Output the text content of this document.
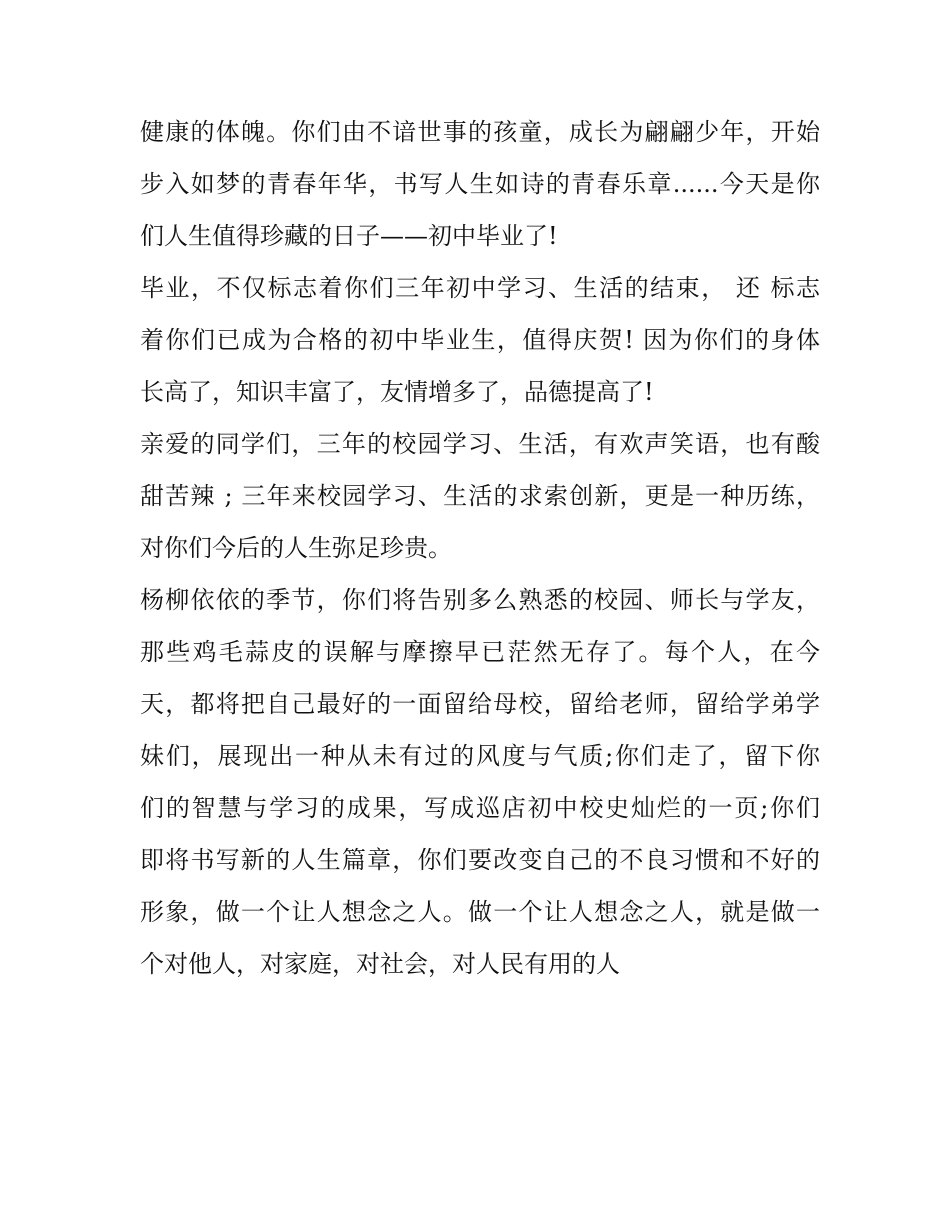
健康的体魄。你们由不谙世事的孩童，成长为翩翩少年，开始
步入如梦的青春年华，书写人生如诗的青春乐章......今天是你
们人生值得珍藏的日子——初中毕业了!
毕业，不仅标志着你们三年初中学习、生活的结束， 还 标志
着你们已成为合格的初中毕业生，值得庆贺! 因为你们的身体
长高了，知识丰富了，友情增多了，品德提高了!
亲爱的同学们，三年的校园学习、生活，有欢声笑语，也有酸
甜苦辣 ; 三年来校园学习、生活的求索创新，更是一种历练，
对你们今后的人生弥足珍贵。
杨柳依依的季节，你们将告别多么熟悉的校园、师长与学友，
那些鸡毛蒜皮的误解与摩擦早已茫然无存了。每个人，在今
天，都将把自己最好的一面留给母校，留给老师，留给学弟学
妹们，展现出一种从未有过的风度与气质;你们走了，留下你
们的智慧与学习的成果，写成巡店初中校史灿烂的一页;你们
即将书写新的人生篇章，你们要改变自己的不良习惯和不好的
形象，做一个让人想念之人。做一个让人想念之人，就是做一
个对他人，对家庭，对社会，对人民有用的人
